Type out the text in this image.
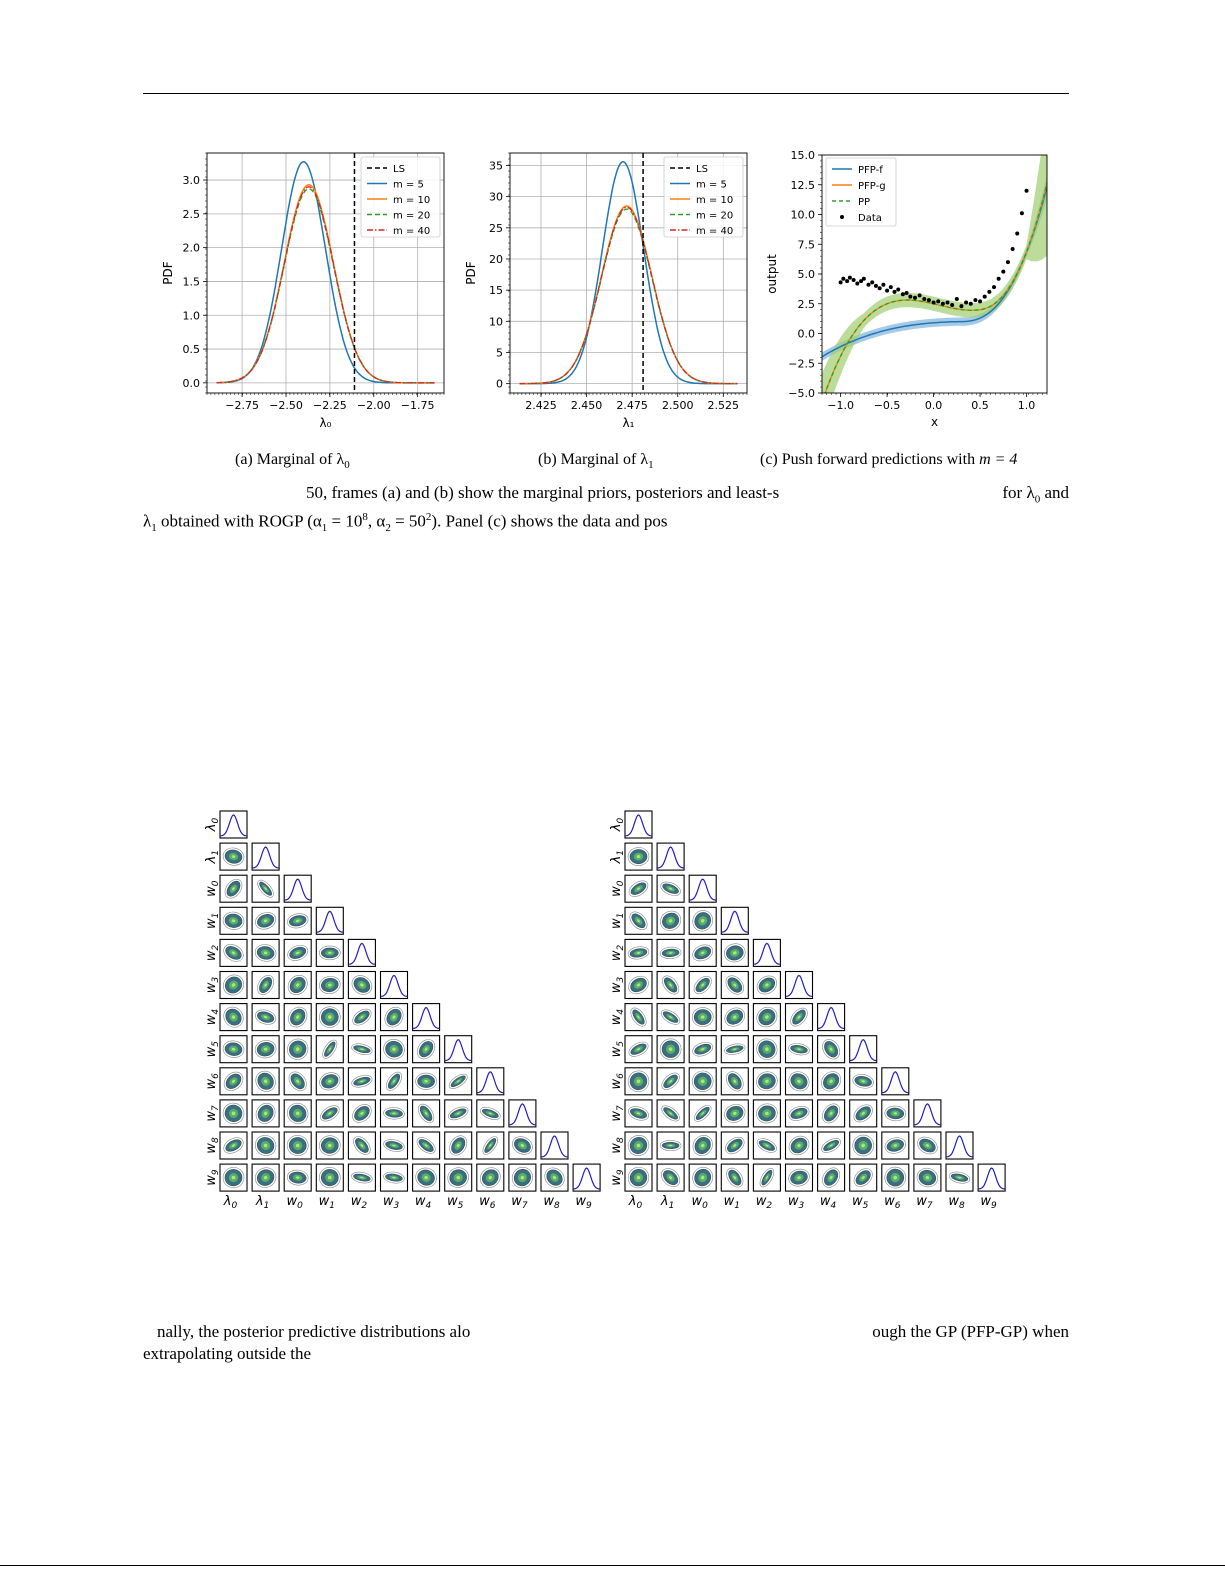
−2.75 −2.50 −2.25 −2.00 −1.75
0.0
0.5
1.0
1.5
2.0
2.5
3.0
LS
m = 5
m = 10
m = 20
m = 40
λ₀
PDF
2.425 2.450 2.475 2.500 2.525
0
5
10
15
20
25
30
35	LS
m = 5
m = 10
m = 20
m = 40
λ₁
PDF
−1.0 −0.5 0.0	0.5	1.0
−5.0
−2.5
0.0
2.5
5.0
7.5
10.0
12.5
15.0
PFP-f
PFP-g
PP
Data
x
output
(a) Marginal of $\lambda_0$	(b) Marginal of $\lambda_1$	(c) Push forward predictions with m = 4
50, frames (a) and (b) show the marginal priors, posteriors and least-s	for $\lambda_0$ and
$\lambda_1$ obtained with ROGP ($\alpha_1 = 10^8$, $\alpha_2 = 50^2$). Panel (c) shows the data and pos
$\lambda_0$
$\lambda_0$
$\lambda_1$
$\lambda_1$
$w_0$
$w_0$
$w_1$
$w_1$
$w_2$
$w_2$
$w_3$
$w_3$
$w_4$
$w_4$
$w_5$
$w_5$
$w_6$
$w_6$
$w_7$
$w_7$
$w_8$
$w_8$
$w_9$
$w_9$
$\lambda_0$
$\lambda_0$
$\lambda_1$
$\lambda_1$
$w_0$
$w_0$
$w_1$
$w_1$
$w_2$
$w_2$
$w_3$
$w_3$
$w_4$
$w_4$
$w_5$
$w_5$
$w_6$
$w_6$
$w_7$
$w_7$
$w_8$
$w_8$
$w_9$
$w_9$
nally, the posterior predictive distributions alo	ough the GP (PFP-GP) when
extrapolating outside the
